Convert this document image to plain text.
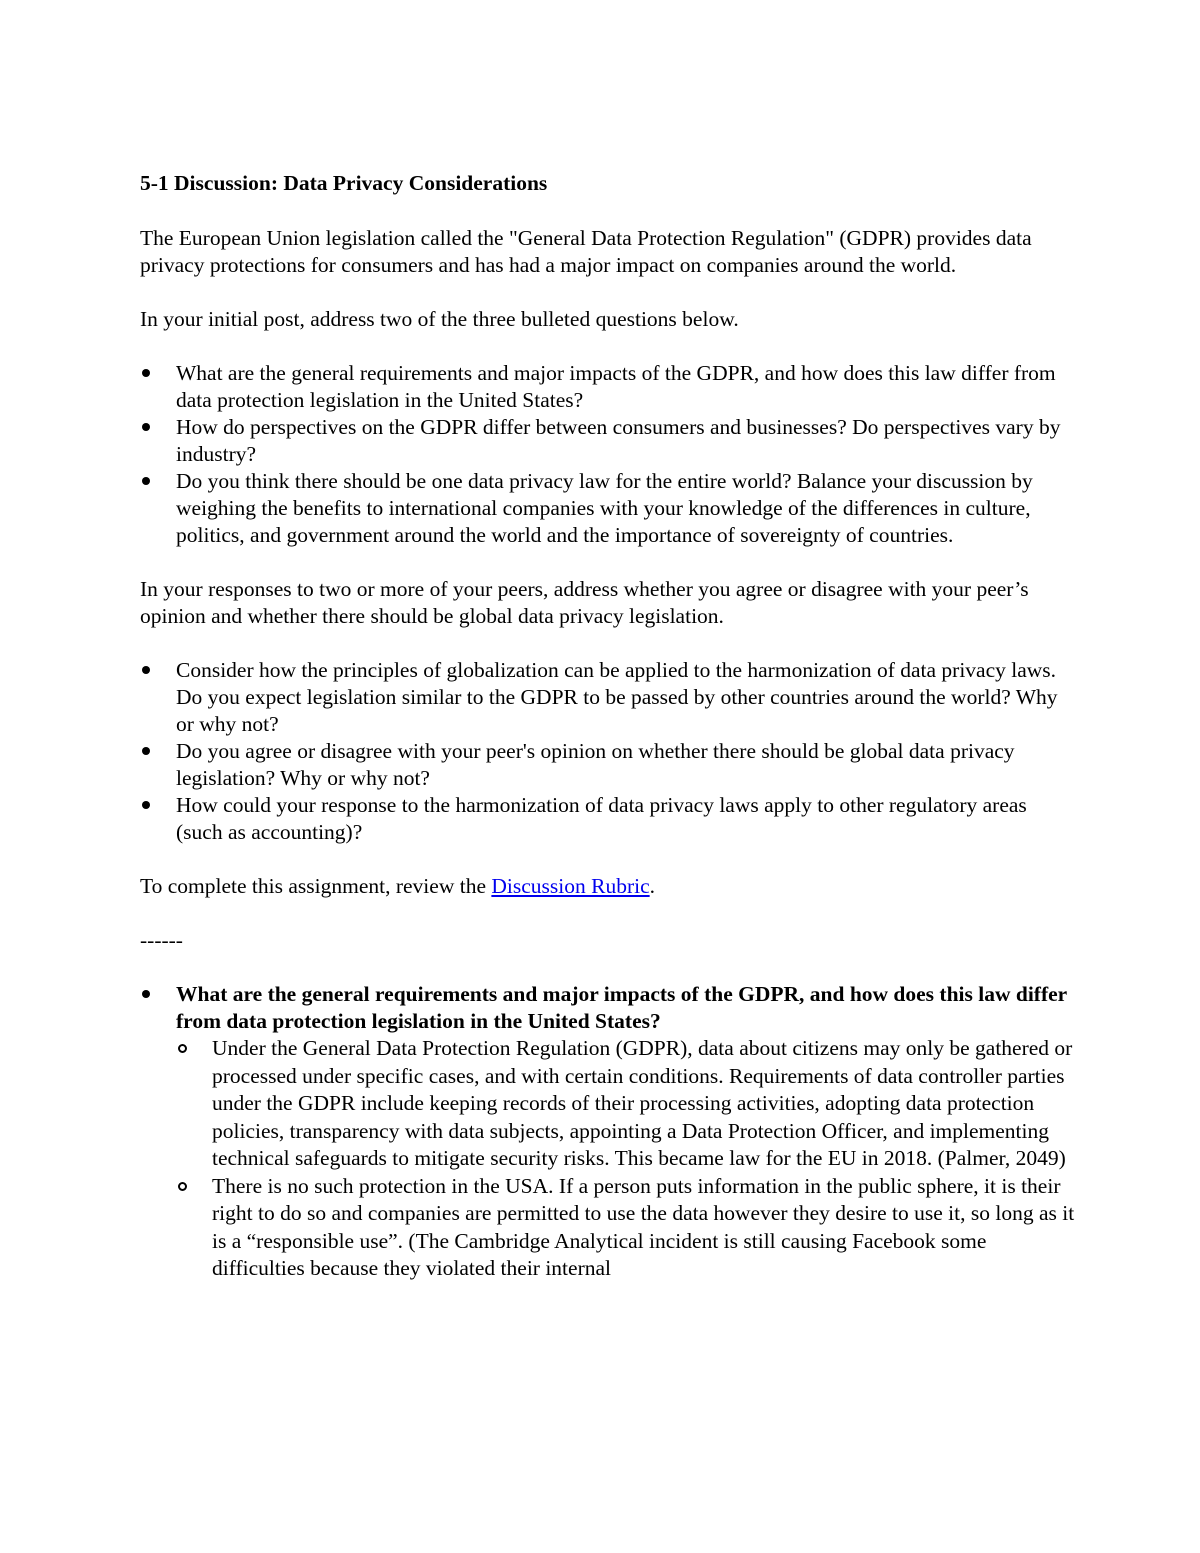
5-1 Discussion: Data Privacy Considerations

The European Union legislation called the "General Data Protection Regulation" (GDPR) provides data privacy protections for consumers and has had a major impact on companies around the world.

In your initial post, address two of the three bulleted questions below.

What are the general requirements and major impacts of the GDPR, and how does this law differ from data protection legislation in the United States?
How do perspectives on the GDPR differ between consumers and businesses? Do perspectives vary by industry?
Do you think there should be one data privacy law for the entire world? Balance your discussion by weighing the benefits to international companies with your knowledge of the differences in culture, politics, and government around the world and the importance of sovereignty of countries.

In your responses to two or more of your peers, address whether you agree or disagree with your peer’s opinion and whether there should be global data privacy legislation.

Consider how the principles of globalization can be applied to the harmonization of data privacy laws. Do you expect legislation similar to the GDPR to be passed by other countries around the world? Why or why not?
Do you agree or disagree with your peer's opinion on whether there should be global data privacy legislation? Why or why not?
How could your response to the harmonization of data privacy laws apply to other regulatory areas (such as accounting)?

To complete this assignment, review the Discussion Rubric.

------

What are the general requirements and major impacts of the GDPR, and how does this law differ from data protection legislation in the United States?
Under the General Data Protection Regulation (GDPR), data about citizens may only be gathered or processed under specific cases, and with certain conditions. Requirements of data controller parties under the GDPR include keeping records of their processing activities, adopting data protection policies, transparency with data subjects, appointing a Data Protection Officer, and implementing technical safeguards to mitigate security risks. This became law for the EU in 2018. (Palmer, 2049)
There is no such protection in the USA. If a person puts information in the public sphere, it is their right to do so and companies are permitted to use the data however they desire to use it, so long as it is a “responsible use”. (The Cambridge Analytical incident is still causing Facebook some difficulties because they violated their internal
